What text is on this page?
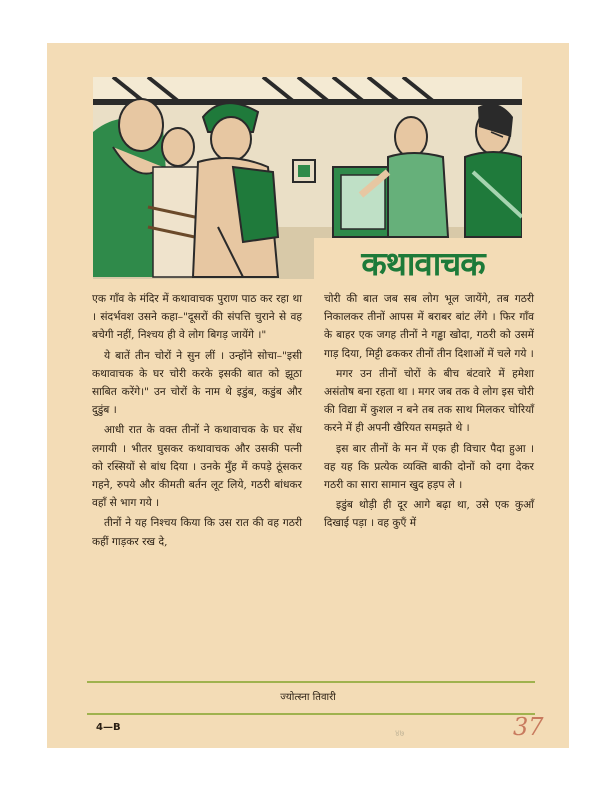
कथावाचक

एक गाँव के मंदिर में कथावाचक पुराण पाठ कर रहा था । संदर्भवश उसने कहा–"दूसरों की संपत्ति चुराने से वह बचेगी नहीं, निश्चय ही वे लोग बिगड़ जायेंगे ।"

ये बातें तीन चोरों ने सुन लीं । उन्होंने सोचा–"इसी कथावाचक के घर चोरी करके इसकी बात को झूठा साबित करेंगे।" उन चोरों के नाम थे इडुंब, कडुंब और दुडुंब ।

आधी रात के वक्त तीनों ने कथावाचक के घर सेंध लगायी । भीतर घुसकर कथावाचक और उसकी पत्नी को रस्सियों से बांध दिया । उनके मुँह में कपड़े ठूंसकर गहने, रुपये और कीमती बर्तन लूट लिये, गठरी बांधकर वहाँ से भाग गये ।

तीनों ने यह निश्चय किया कि उस रात की वह गठरी कहीं गाड़कर रख दे,

चोरी की बात जब सब लोग भूल जायेंगे, तब गठरी निकालकर तीनों आपस में बराबर बांट लेंगे । फिर गाँव के बाहर एक जगह तीनों ने गड्ढा खोदा, गठरी को उसमें गाड़ दिया, मिट्टी ढककर तीनों तीन दिशाओं में चले गये ।

मगर उन तीनों चोरों के बीच बंटवारे में हमेशा असंतोष बना रहता था । मगर जब तक वे लोग इस चोरी की विद्या में कुशल न बने तब तक साथ मिलकर चोरियाँ करने में ही अपनी खैरियत समझते थे ।

इस बार तीनों के मन में एक ही विचार पैदा हुआ । वह यह कि प्रत्येक व्यक्ति बाकी दोनों को दगा देकर गठरी का सारा सामान खुद हड़प ले ।

इडुंब थोड़ी ही दूर आगे बढ़ा था, उसे एक कुआँ दिखाई पड़ा । वह कुएँ में

ज्योत्स्ना तिवारी
4—B
४७	37
